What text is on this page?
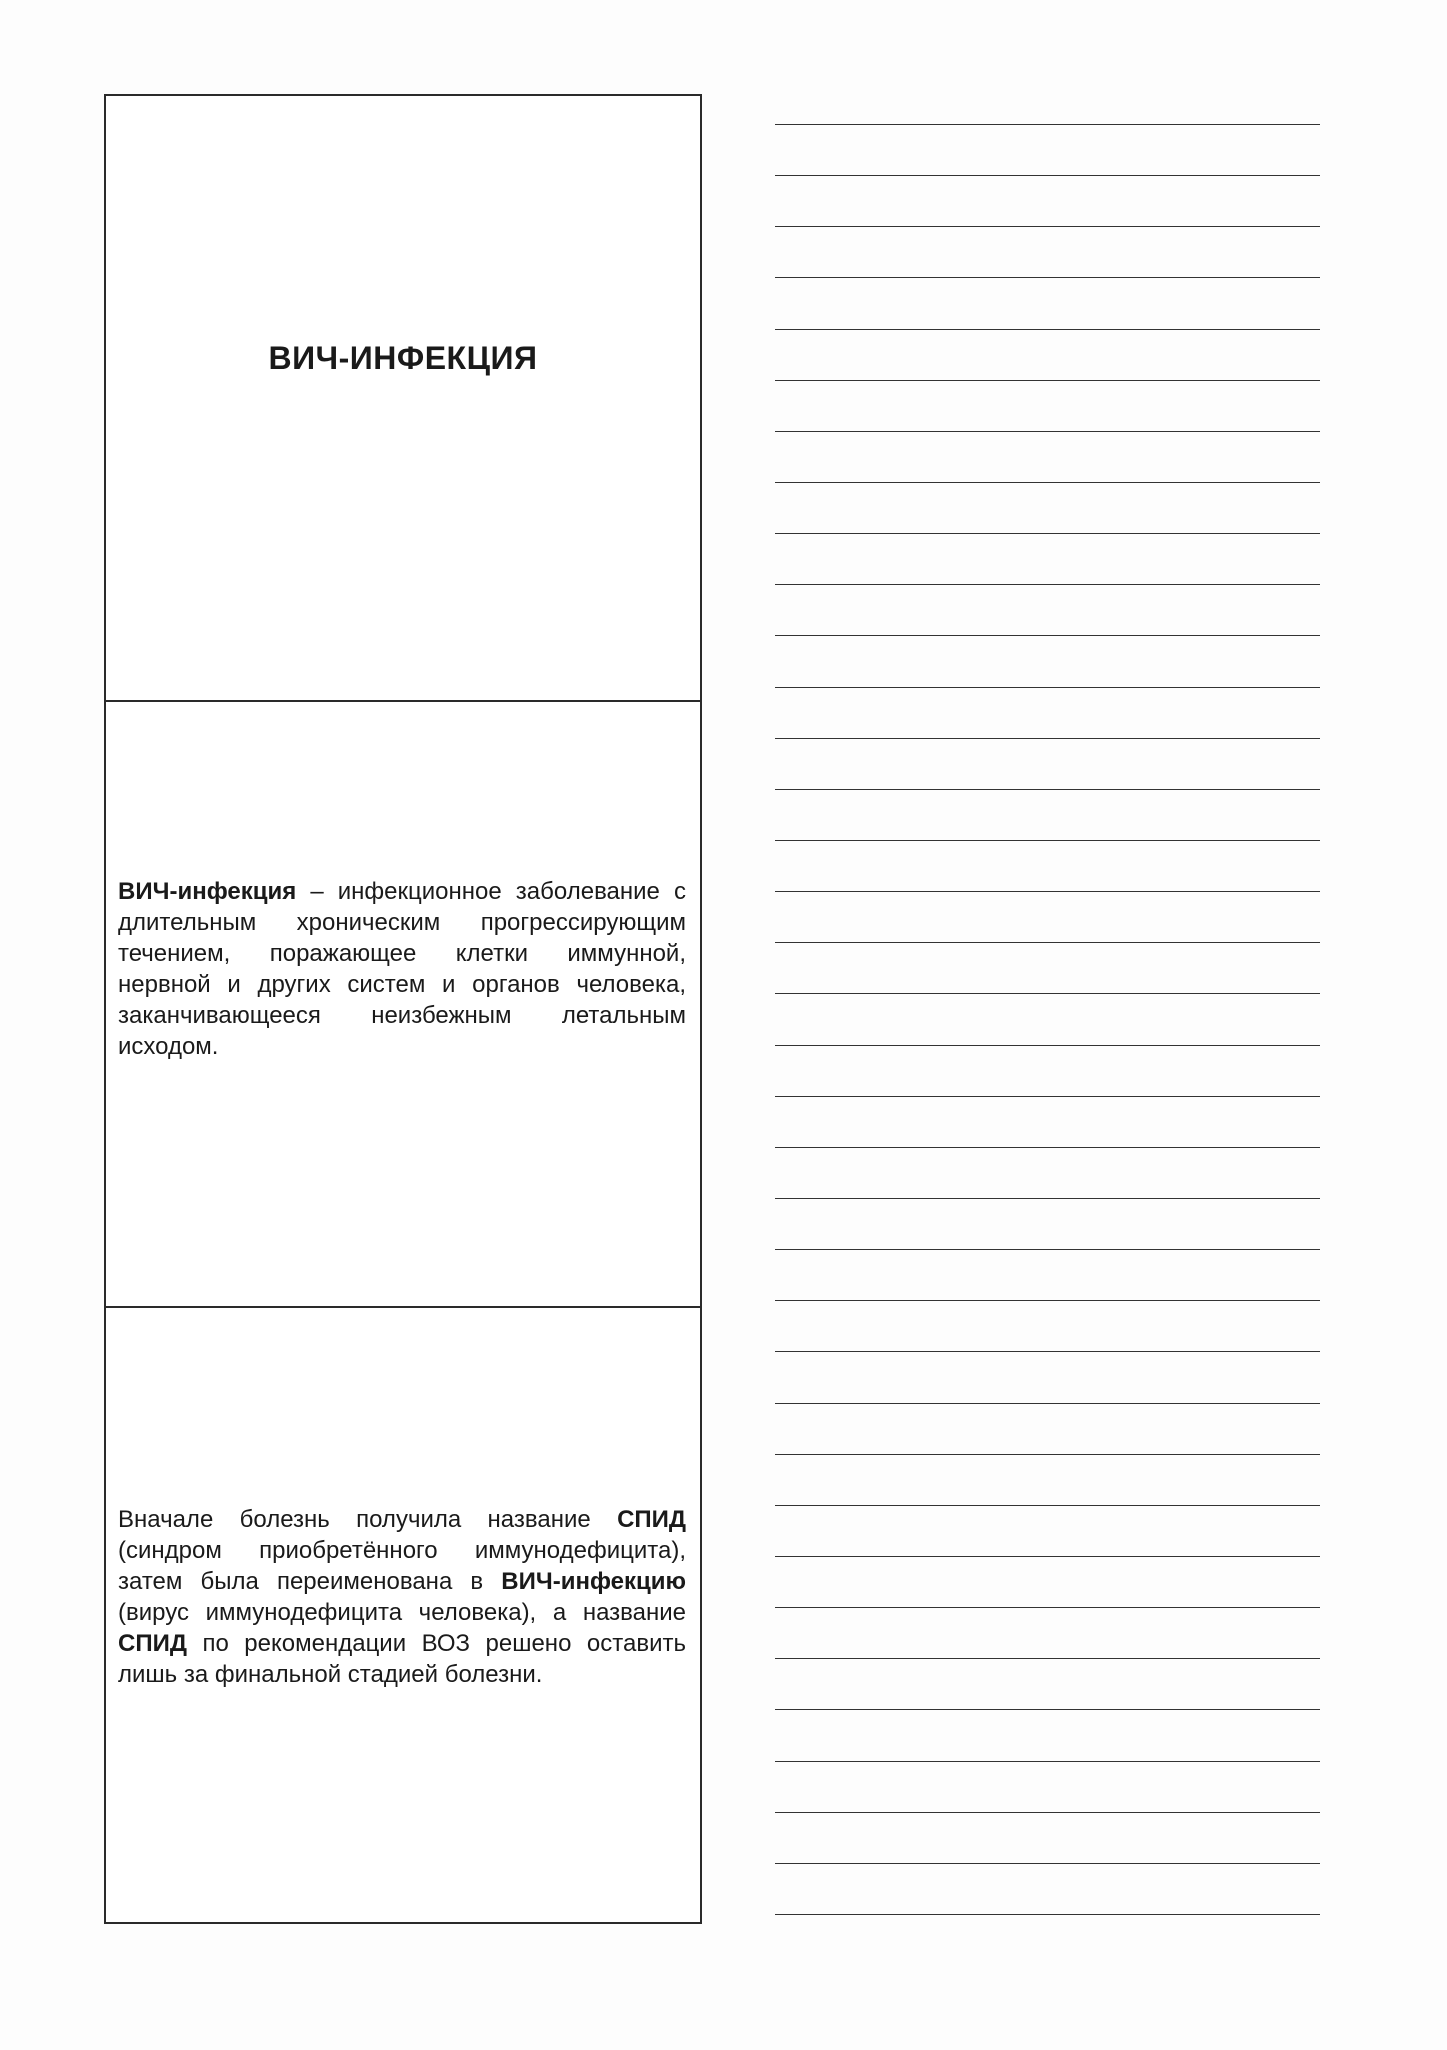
ВИЧ-ИНФЕКЦИЯ
ВИЧ-инфекция – инфекционное заболевание с длительным хроническим прогрессирующим течением, поражающее клетки иммунной, нервной и других систем и органов человека, заканчивающееся неизбежным летальным исходом.
Вначале болезнь получила название СПИД (синдром приобретённого иммунодефицита), затем была переименована в ВИЧ-инфекцию (вирус иммунодефицита человека), а название СПИД по рекомендации ВОЗ решено оставить лишь за финальной стадией болезни.
